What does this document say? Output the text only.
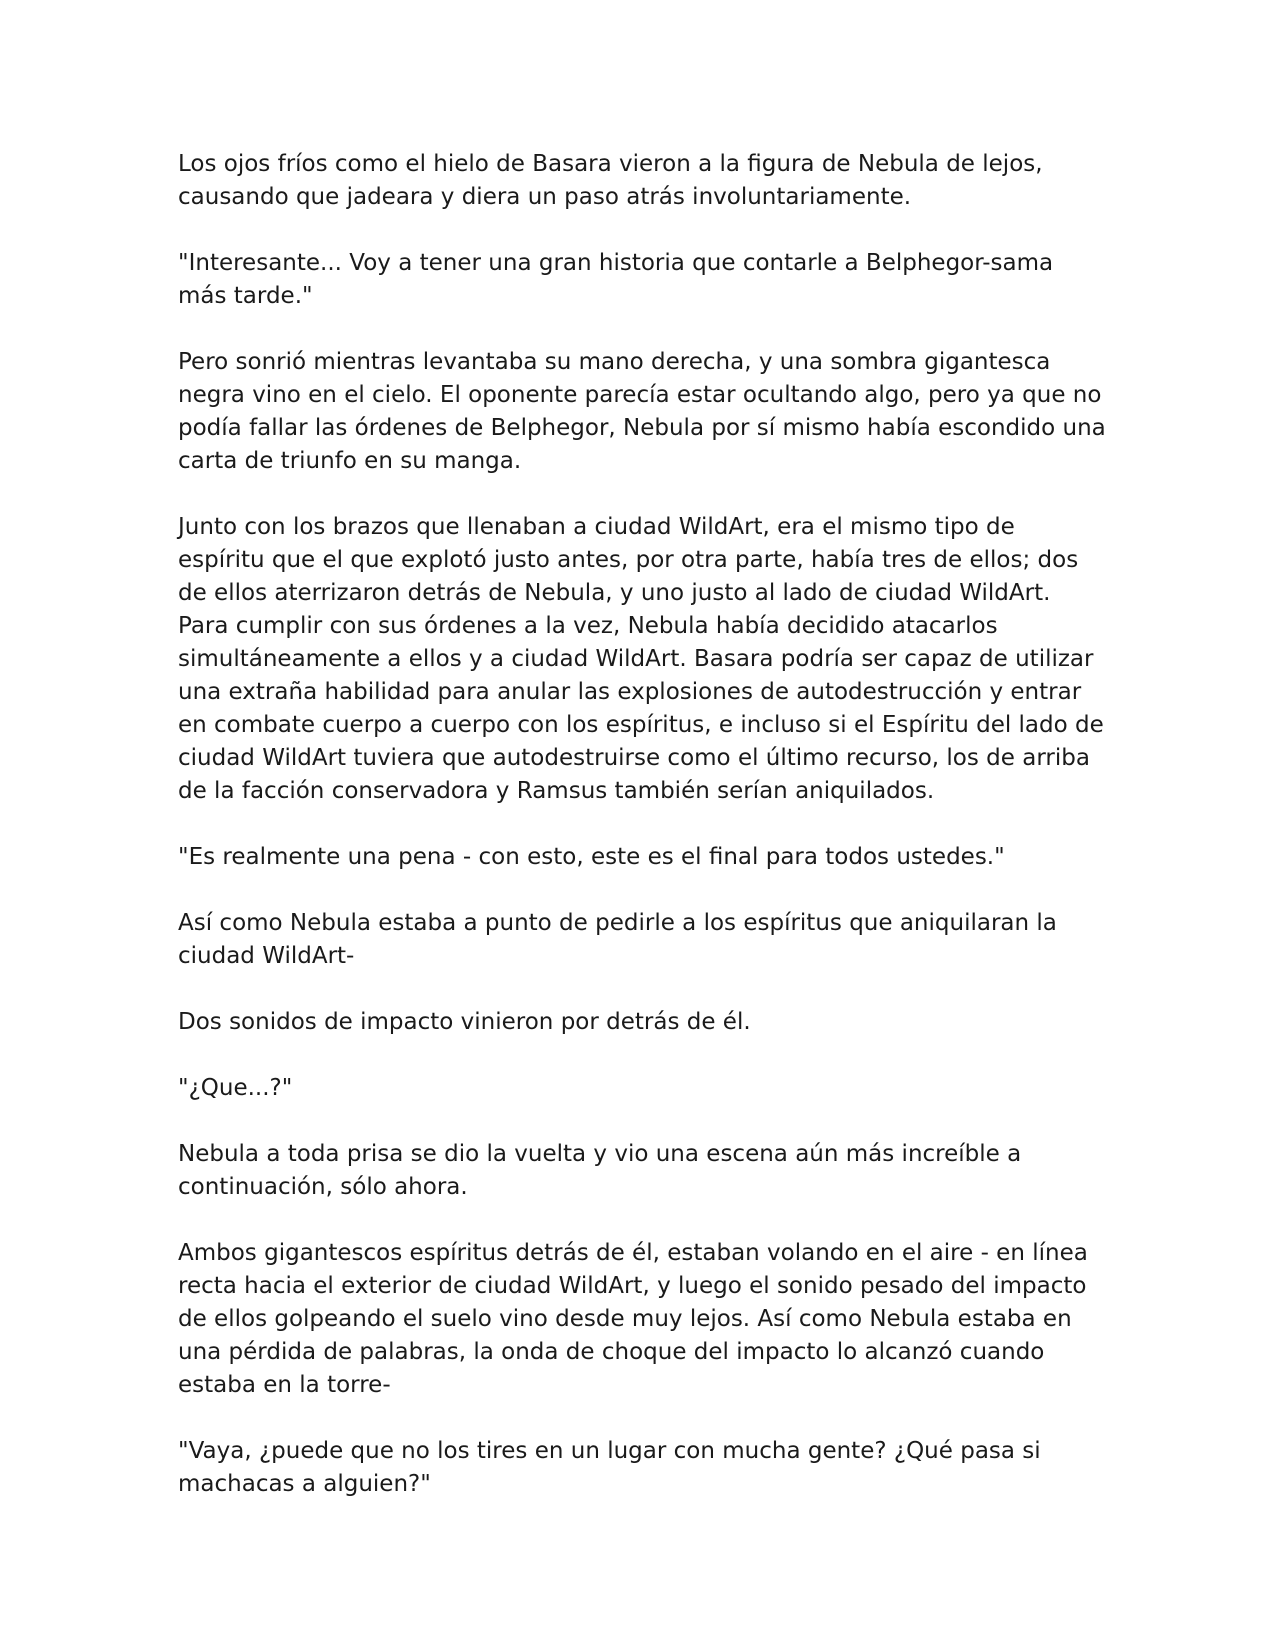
Los ojos fríos como el hielo de Basara vieron a la figura de Nebula de lejos, causando que jadeara y diera un paso atrás involuntariamente.

"Interesante... Voy a tener una gran historia que contarle a Belphegor-sama más tarde."

Pero sonrió mientras levantaba su mano derecha, y una sombra gigantesca negra vino en el cielo. El oponente parecía estar ocultando algo, pero ya que no podía fallar las órdenes de Belphegor, Nebula por sí mismo había escondido una carta de triunfo en su manga.

Junto con los brazos que llenaban a ciudad WildArt, era el mismo tipo de espíritu que el que explotó justo antes, por otra parte, había tres de ellos; dos de ellos aterrizaron detrás de Nebula, y uno justo al lado de ciudad WildArt. Para cumplir con sus órdenes a la vez, Nebula había decidido atacarlos simultáneamente a ellos y a ciudad WildArt. Basara podría ser capaz de utilizar una extraña habilidad para anular las explosiones de autodestrucción y entrar en combate cuerpo a cuerpo con los espíritus, e incluso si el Espíritu del lado de ciudad WildArt tuviera que autodestruirse como el último recurso, los de arriba de la facción conservadora y Ramsus también serían aniquilados.

"Es realmente una pena - con esto, este es el final para todos ustedes."

Así como Nebula estaba a punto de pedirle a los espíritus que aniquilaran la ciudad WildArt-

Dos sonidos de impacto vinieron por detrás de él.

"¿Que...?"

Nebula a toda prisa se dio la vuelta y vio una escena aún más increíble a continuación, sólo ahora.

Ambos gigantescos espíritus detrás de él, estaban volando en el aire - en línea recta hacia el exterior de ciudad WildArt, y luego el sonido pesado del impacto de ellos golpeando el suelo vino desde muy lejos. Así como Nebula estaba en una pérdida de palabras, la onda de choque del impacto lo alcanzó cuando estaba en la torre-

"Vaya, ¿puede que no los tires en un lugar con mucha gente? ¿Qué pasa si machacas a alguien?"
